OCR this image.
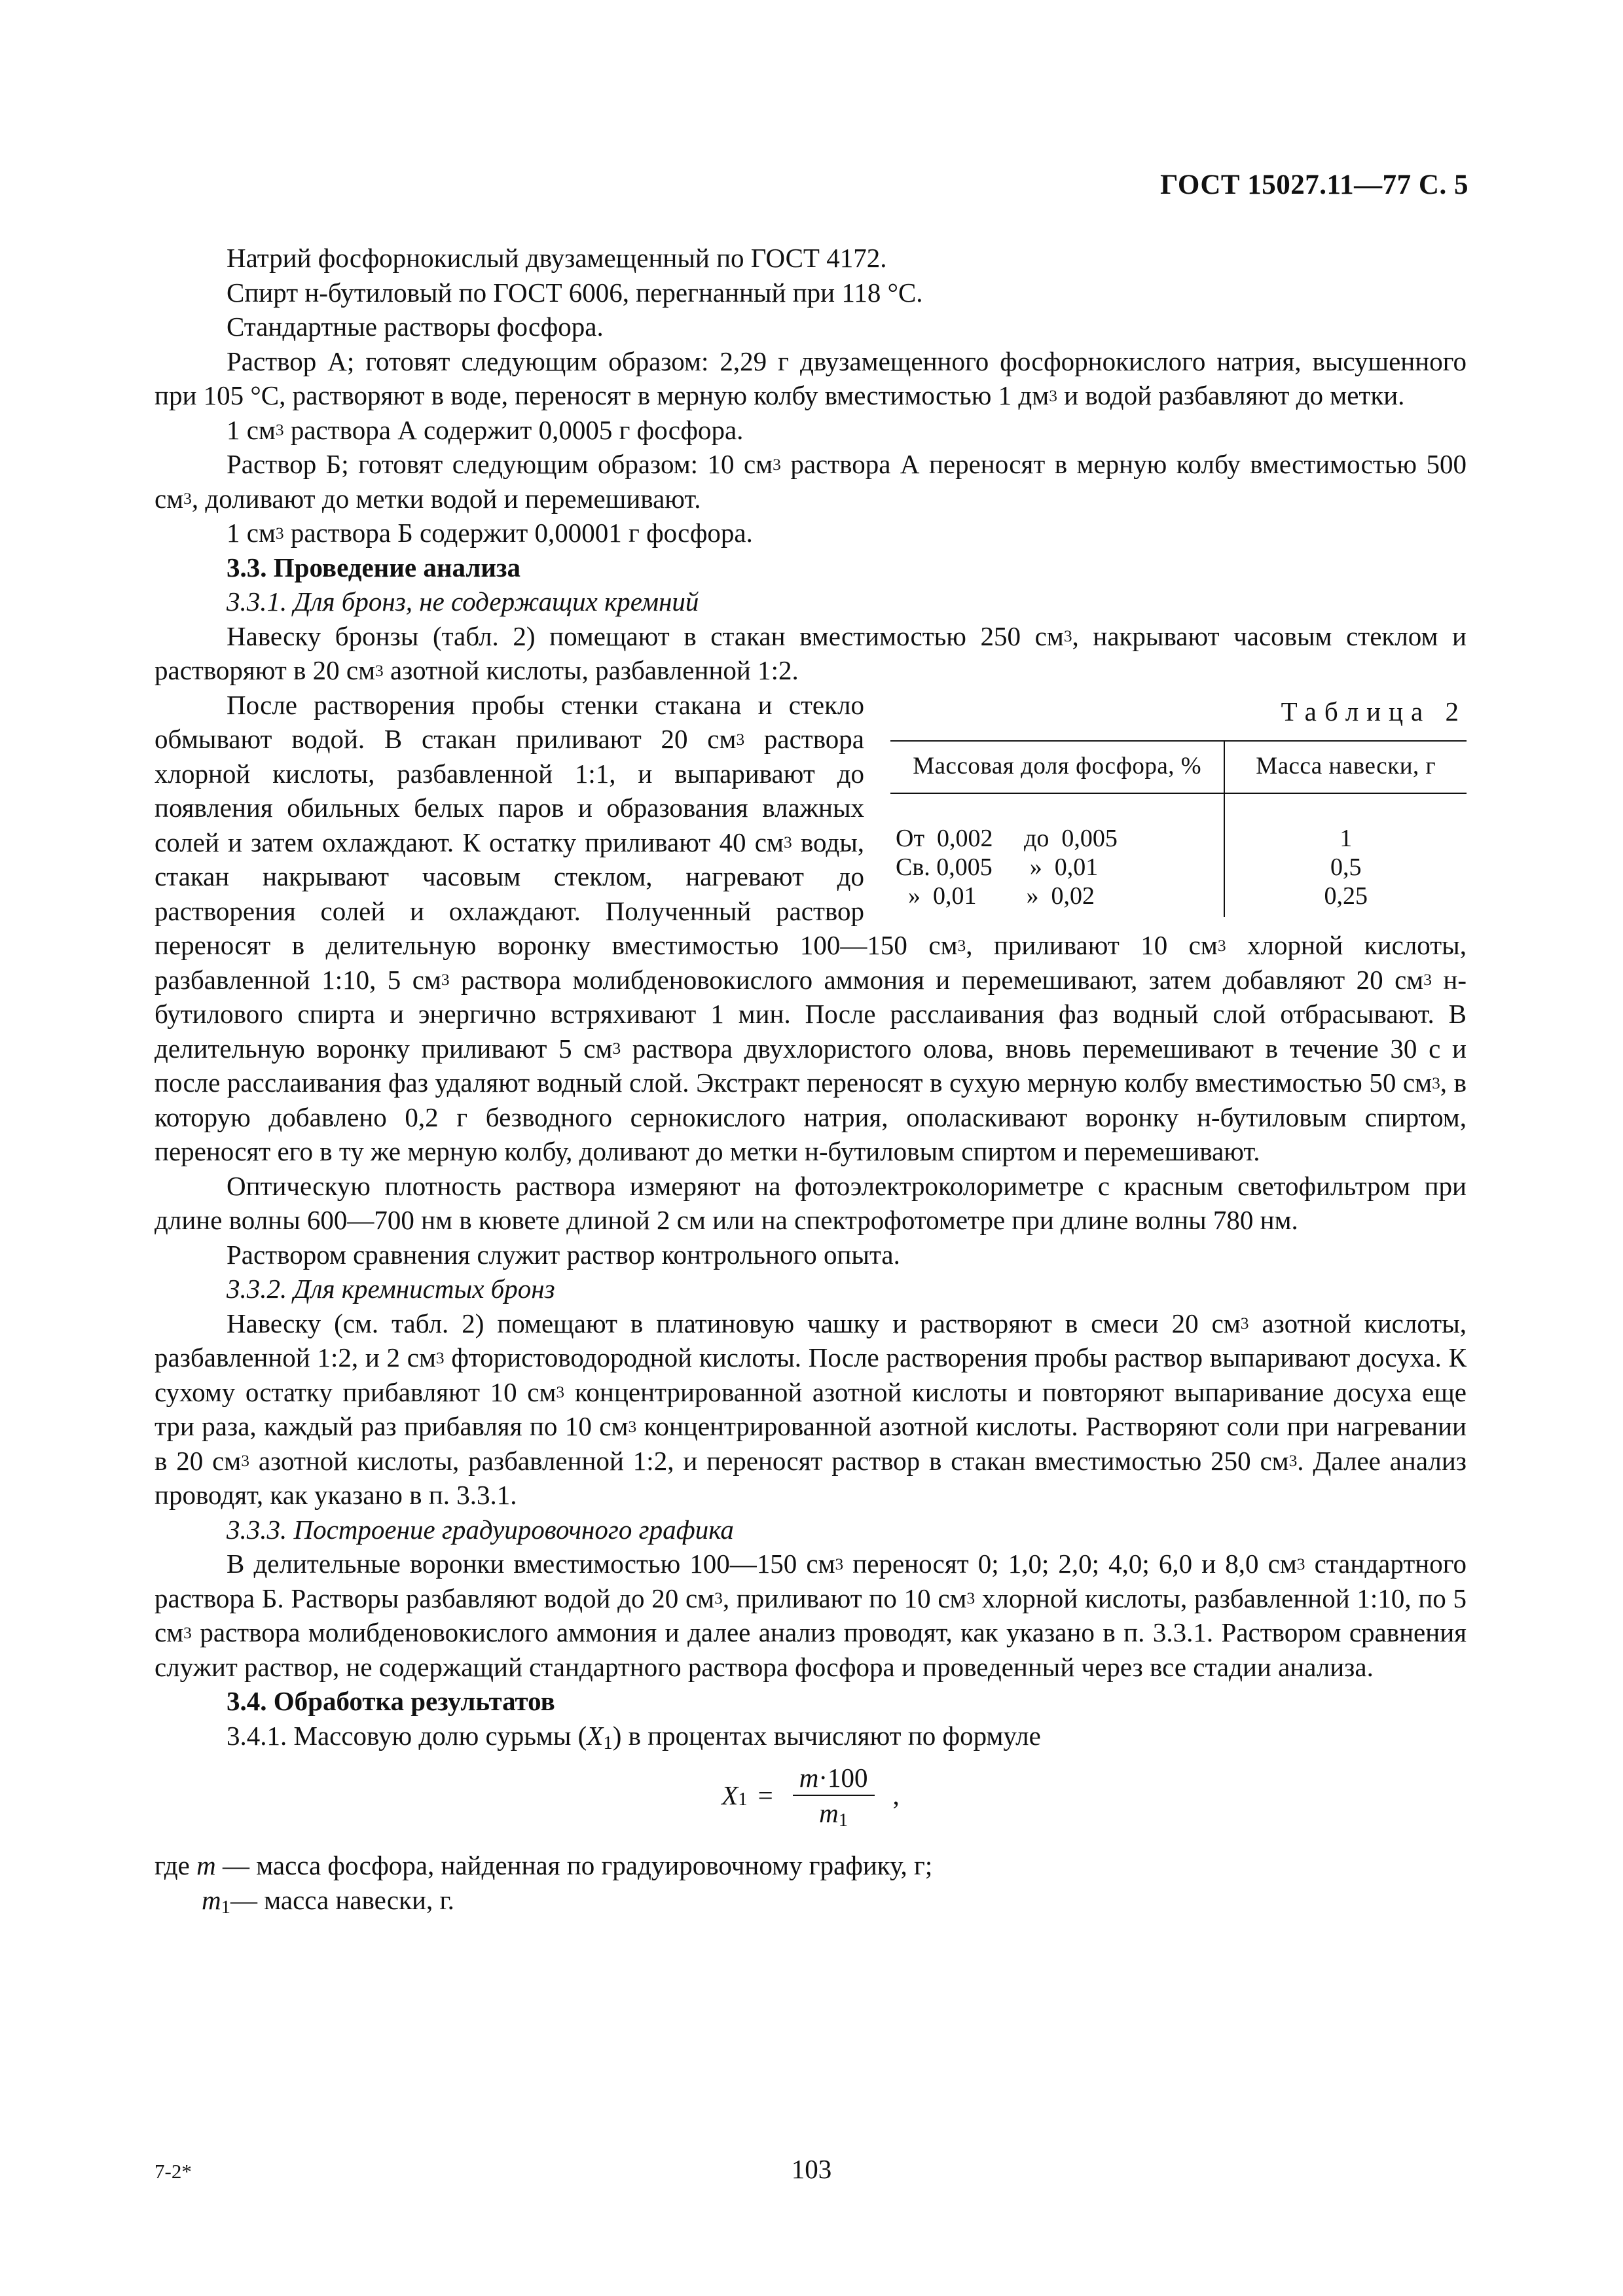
ГОСТ 15027.11—77 С. 5

Натрий фосфорнокислый двузамещенный по ГОСТ 4172.

Спирт н-бутиловый по ГОСТ 6006, перегнанный при 118 °С.

Стандартные растворы фосфора.

Раствор А; готовят следующим образом: 2,29 г двузамещенного фосфорнокислого натрия, высушенного при 105 °С, растворяют в воде, переносят в мерную колбу вместимостью 1 $дм^3$ и водой разбавляют до метки.

1 $см^3$ раствора А содержит 0,0005 г фосфора.

Раствор Б; готовят следующим образом: 10 $см^3$ раствора А переносят в мерную колбу вместимостью 500 $см^3$, доливают до метки водой и перемешивают.

1 $см^3$ раствора Б содержит 0,00001 г фосфора.

3.3. Проведение анализа

3.3.1. Для бронз, не содержащих кремний

Навеску бронзы (табл. 2) помещают в стакан вместимостью 250 $см^3$, накрывают часовым стеклом и растворяют в 20 $см^3$ азотной кислоты, разбавленной 1:2.

Таблица 2
Массовая доля фосфора, %	Масса навески, г
От  0,002     до  0,005	1
Св. 0,005      »  0,01	0,5
»  0,01        »  0,02	0,25

После растворения пробы стенки стакана и стекло обмывают водой. В стакан приливают 20 $см^3$ раствора хлорной кислоты, разбавленной 1:1, и выпаривают до появления обильных белых паров и образования влажных солей и затем охлаждают. К остатку приливают 40 $см^3$ воды, стакан накрывают часовым стеклом, нагревают до растворения солей и охлаждают. Полученный раствор переносят в делительную воронку вместимостью 100—150 $см^3$, приливают 10 $см^3$ хлорной кислоты, разбавленной 1:10, 5 $см^3$ раствора молибденовокислого аммония и перемешивают, затем добавляют 20 $см^3$ н-бутилового спирта и энергично встряхивают 1 мин. После расслаивания фаз водный слой отбрасывают. В делительную воронку приливают 5 $см^3$ раствора двухлористого олова, вновь перемешивают в течение 30 с и после расслаивания фаз удаляют водный слой. Экстракт переносят в сухую мерную колбу вместимостью 50 $см^3$, в которую добавлено 0,2 г безводного сернокислого натрия, ополаскивают воронку н-бутиловым спиртом, переносят его в ту же мерную колбу, доливают до метки н-бутиловым спиртом и перемешивают.

Оптическую плотность раствора измеряют на фотоэлектроколориметре с красным светофильтром при длине волны 600—700 нм в кювете длиной 2 см или на спектрофотометре при длине волны 780 нм.

Раствором сравнения служит раствор контрольного опыта.

3.3.2. Для кремнистых бронз

Навеску (см. табл. 2) помещают в платиновую чашку и растворяют в смеси 20 $см^3$ азотной кислоты, разбавленной 1:2, и 2 $см^3$ фтористоводородной кислоты. После растворения пробы раствор выпаривают досуха. К сухому остатку прибавляют 10 $см^3$ концентрированной азотной кислоты и повторяют выпаривание досуха еще три раза, каждый раз прибавляя по 10 $см^3$ концентрированной азотной кислоты. Растворяют соли при нагревании в 20 $см^3$ азотной кислоты, разбавленной 1:2, и переносят раствор в стакан вместимостью 250 $см^3$. Далее анализ проводят, как указано в п. 3.3.1.

3.3.3. Построение градуировочного графика

В делительные воронки вместимостью 100—150 $см^3$ переносят 0; 1,0; 2,0; 4,0; 6,0 и 8,0 $см^3$ стандартного раствора Б. Растворы разбавляют водой до 20 $см^3$, приливают по 10 $см^3$ хлорной кислоты, разбавленной 1:10, по 5 $см^3$ раствора молибденовокислого аммония и далее анализ проводят, как указано в п. 3.3.1. Раствором сравнения служит раствор, не содержащий стандартного раствора фосфора и проведенный через все стадии анализа.

3.4. Обработка результатов

3.4.1. Массовую долю сурьмы $(X_1)$ в процентах вычисляют по формуле

$X_1 = \frac{m\cdot 100}{m_1}$ ,

где m — масса фосфора, найденная по градуировочному графику, г;

$m_1—$ масса навески, г.

7-2*	103
